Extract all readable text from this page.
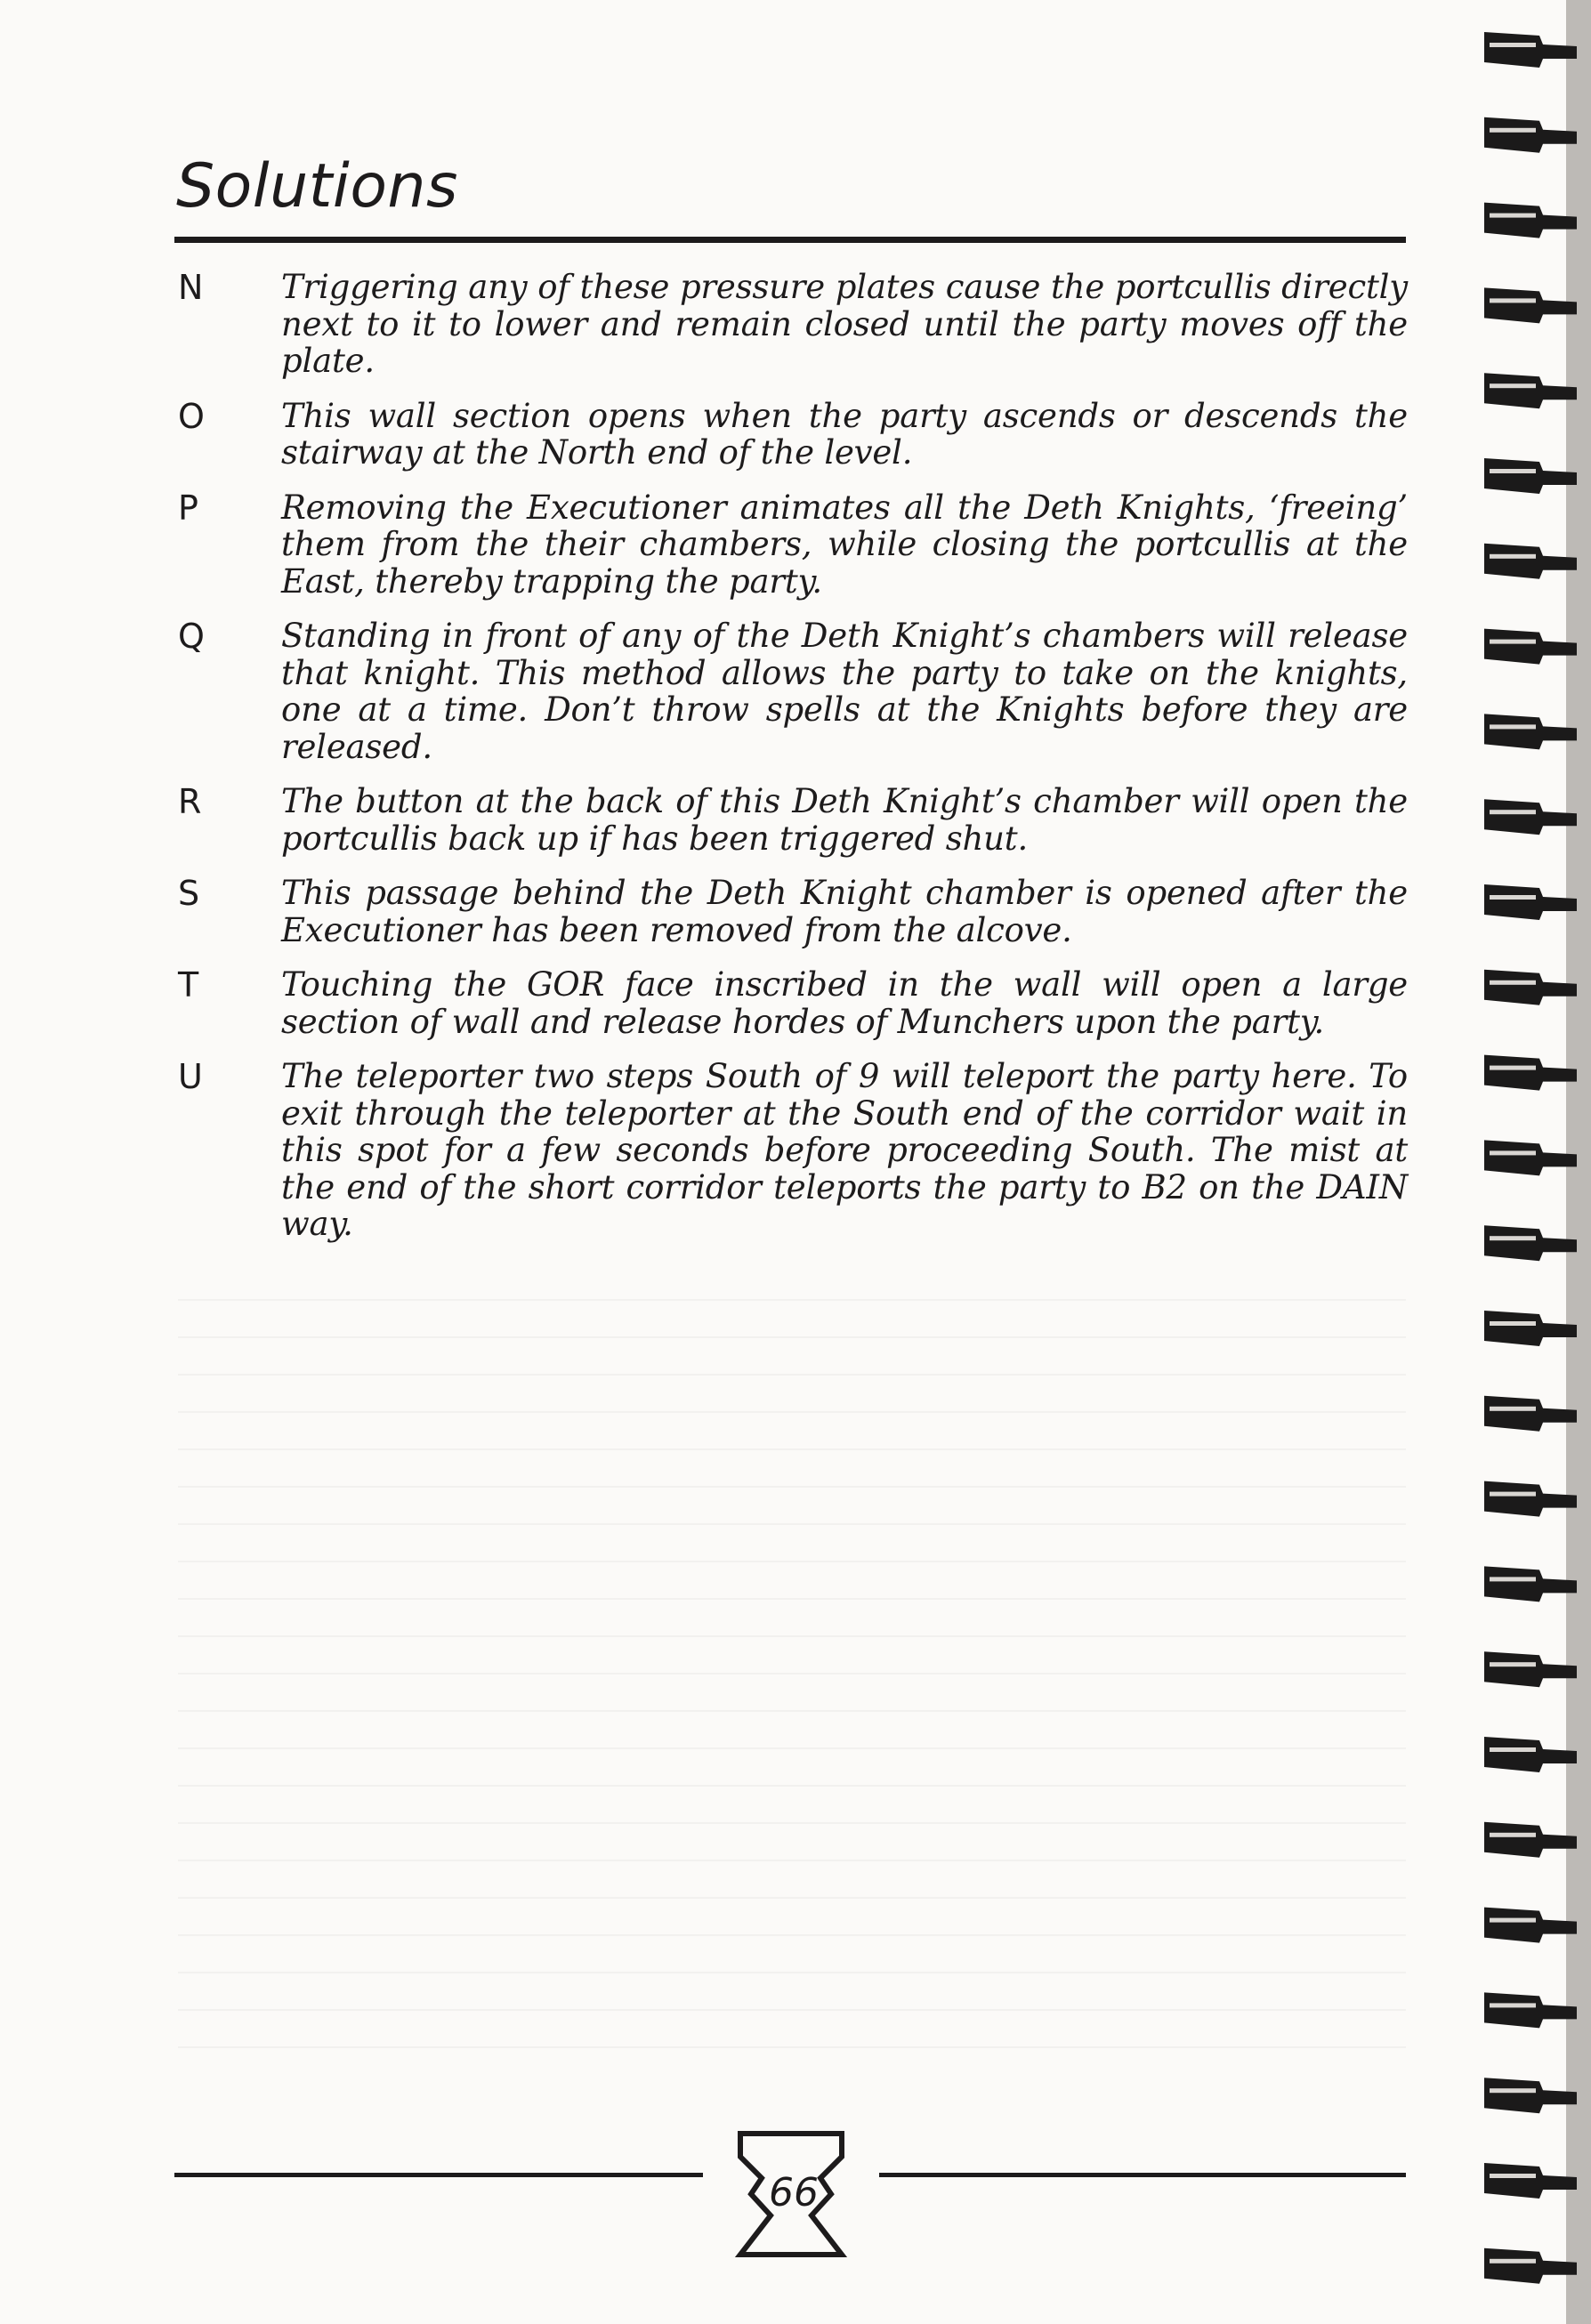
Solutions
N	Triggering any of these pressure plates cause the portcullis directly next to it to lower and remain closed until the party moves off the plate.
O	This wall section opens when the party ascends or descends the stairway at the North end of the level.
P	Removing the Executioner animates all the Deth Knights, ‘freeing’ them from the their chambers, while closing the portcullis at the East, thereby trapping the party.
Q	Standing in front of any of the Deth Knight’s chambers will release that knight. This method allows the party to take on the knights, one at a time. Don’t throw spells at the Knights before they are released.
R	The button at the back of this Deth Knight’s chamber will open the portcullis back up if has been triggered shut.
S	This passage behind the Deth Knight chamber is opened after the Executioner has been removed from the alcove.
T	Touching the GOR face inscribed in the wall will open a large section of wall and release hordes of Munchers upon the party.
U	The teleporter two steps South of 9 will teleport the party here. To exit through the teleporter at the South end of the corridor wait in this spot for a few seconds before proceeding South. The mist at the end of the short corridor teleports the party to B2 on the DAIN way.
66
